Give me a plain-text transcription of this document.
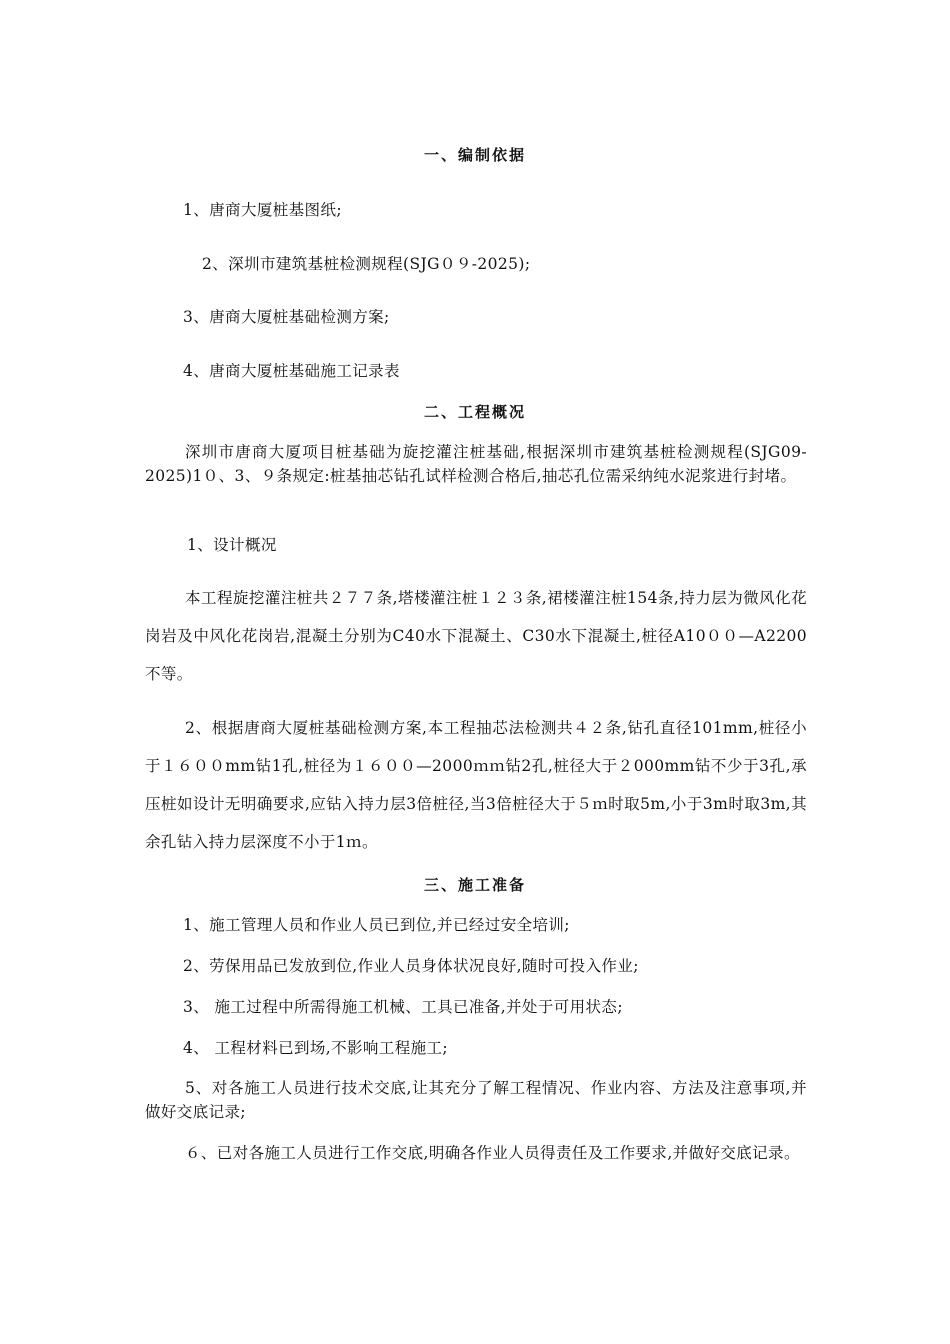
一、编制依据
1、唐商大厦桩基图纸;
2、深圳市建筑基桩检测规程(SJG０９-2025);
3、唐商大厦桩基础检测方案;
4、唐商大厦桩基础施工记录表
二、工程概况
深圳市唐商大厦项目桩基础为旋挖灌注桩基础,根据深圳市建筑基桩检测规程(SJG09-2025)1０、3、９条规定:桩基抽芯钻孔试样检测合格后,抽芯孔位需采纳纯水泥浆进行封堵。
1、设计概况
本工程旋挖灌注桩共２７７条,塔楼灌注桩１２３条,裙楼灌注桩154条,持力层为微风化花岗岩及中风化花岗岩,混凝土分别为C40水下混凝土、C30水下混凝土,桩径A10００—A2200不等。
2、根据唐商大厦桩基础检测方案,本工程抽芯法检测共４２条,钻孔直径101mm,桩径小于１６００mm钻1孔,桩径为１６００—2000ｍｍ钻2孔,桩径大于２000mm钻不少于3孔,承压桩如设计无明确要求,应钻入持力层3倍桩径,当3倍桩径大于５ｍ时取5m,小于3m时取3m,其余孔钻入持力层深度不小于1ｍ。
三、施工准备
1、施工管理人员和作业人员已到位,并已经过安全培训;
2、劳保用品已发放到位,作业人员身体状况良好,随时可投入作业;
3、 施工过程中所需得施工机械、工具已准备,并处于可用状态;
4、 工程材料已到场,不影响工程施工;
5、对各施工人员进行技术交底,让其充分了解工程情况、作业内容、方法及注意事项,并做好交底记录;
６、已对各施工人员进行工作交底,明确各作业人员得责任及工作要求,并做好交底记录。
